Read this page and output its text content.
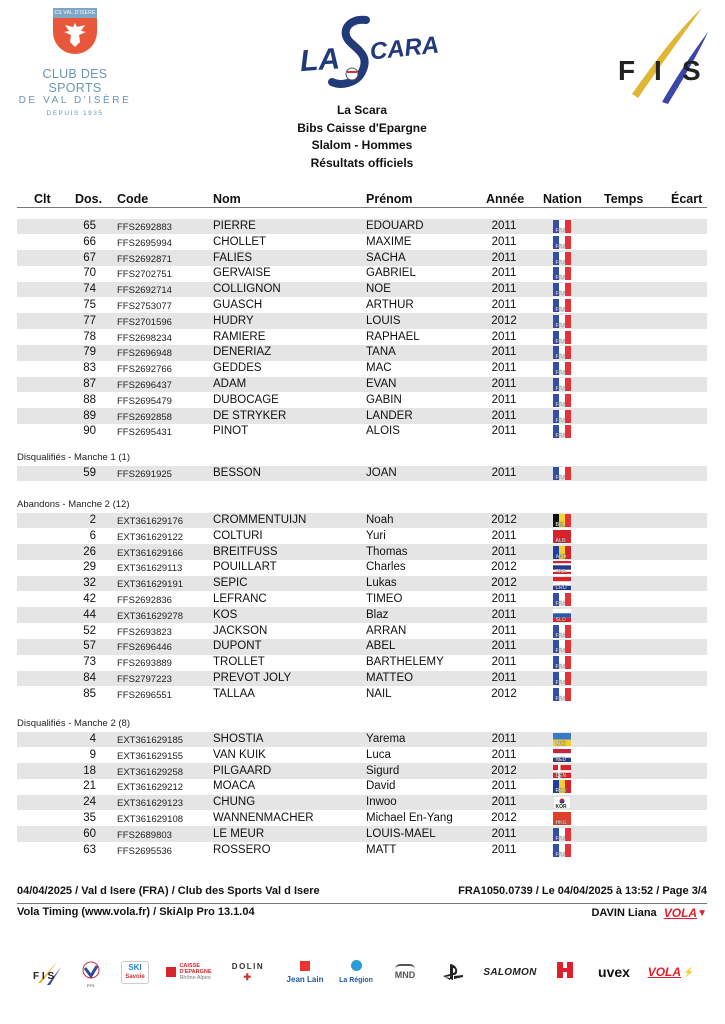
CS VAL D'ISERE
CLUB DES SPORTS
DE VAL D'ISÈRE
DEPUIS 1935
LA CARA
F I S
La Scara
Bibs Caisse d'Epargne
Slalom - Hommes
Résultats officiels
Clt Dos. Code	Nom	Prénom	Année Nation Temps Écart
65 FFS2692883	PIERRE	EDOUARD	2011	FRA
66 FFS2695994	CHOLLET	MAXIME	2011	FRA
67 FFS2692871	FALIES	SACHA	2011	FRA
70 FFS2702751	GERVAISE	GABRIEL	2011	FRA
74 FFS2692714	COLLIGNON	NOE	2011	FRA
75 FFS2753077	GUASCH	ARTHUR	2011	FRA
77 FFS2701596	HUDRY	LOUIS	2012	FRA
78 FFS2698234	RAMIERE	RAPHAEL	2011	FRA
79 FFS2696948	DENERIAZ	TANA	2011	FRA
83 FFS2692766	GEDDES	MAC	2011	FRA
87 FFS2696437	ADAM	EVAN	2011	FRA
88 FFS2695479	DUBOCAGE	GABIN	2011	FRA
89 FFS2692858	DE STRYKER	LANDER	2011	FRA
90 FFS2695431	PINOT	ALOIS	2011	FRA
Disqualifiés - Manche 1 (1)
59 FFS2691925	BESSON	JOAN	2011	FRA
Abandons - Manche 2 (12)
2 EXT361629176	CROMMENTUIJN	Noah	2012	BEL
6 EXT361629122	COLTURI	Yuri	2011	ALB
26 EXT361629166	BREITFUSS	Thomas	2011	AND
29 EXT361629113	POUILLART	Charles	2012	THA
32 EXT361629191	SEPIC	Lukas	2012	CRO
42 FFS2692836	LEFRANC	TIMEO	2011	FRA
44 EXT361629278	KOS	Blaz	2011	SLO
52 FFS2693823	JACKSON	ARRAN	2011	FRA
57 FFS2696446	DUPONT	ABEL	2011	FRA
73 FFS2693889	TROLLET	BARTHELEMY	2011	FRA
84 FFS2797223	PREVOT JOLY	MATTEO	2011	FRA
85 FFS2696551	TALLAA	NAIL	2012	FRA
Disqualifiés - Manche 2 (8)
4 EXT361629185	SHOSTIA	Yarema	2011	UKR
9 EXT361629155	VAN KUIK	Luca	2011	NED
18 EXT361629258	PILGAARD	Sigurd	2012	DEN
21 EXT361629212	MOACA	David	2011	ROU
24 EXT361629123	CHUNG	Inwoo	2011	KOR
35 EXT361629108	WANNENMACHER	Michael En-Yang	2012	HKG
60 FFS2689803	LE MEUR	LOUIS-MAEL	2011	FRA
63 FFS2695536	ROSSERO	MATT	2011	FRA
04/04/2025 / Val d Isere (FRA) / Club des Sports Val d Isere	FRA1050.0739 / Le 04/04/2025 à 13:52 / Page 3/4
Vola Timing (www.vola.fr) / SkiAlp Pro 13.1.04	DAVIN Liana VOLA▼
F I S
FFS
SKI
Savoie
CAISSE
D'EPARGNE
Rhône Alpes
DOLIN
✚	Jean Lain La Région MND	SALOMON	uvex VOLA ⚡
